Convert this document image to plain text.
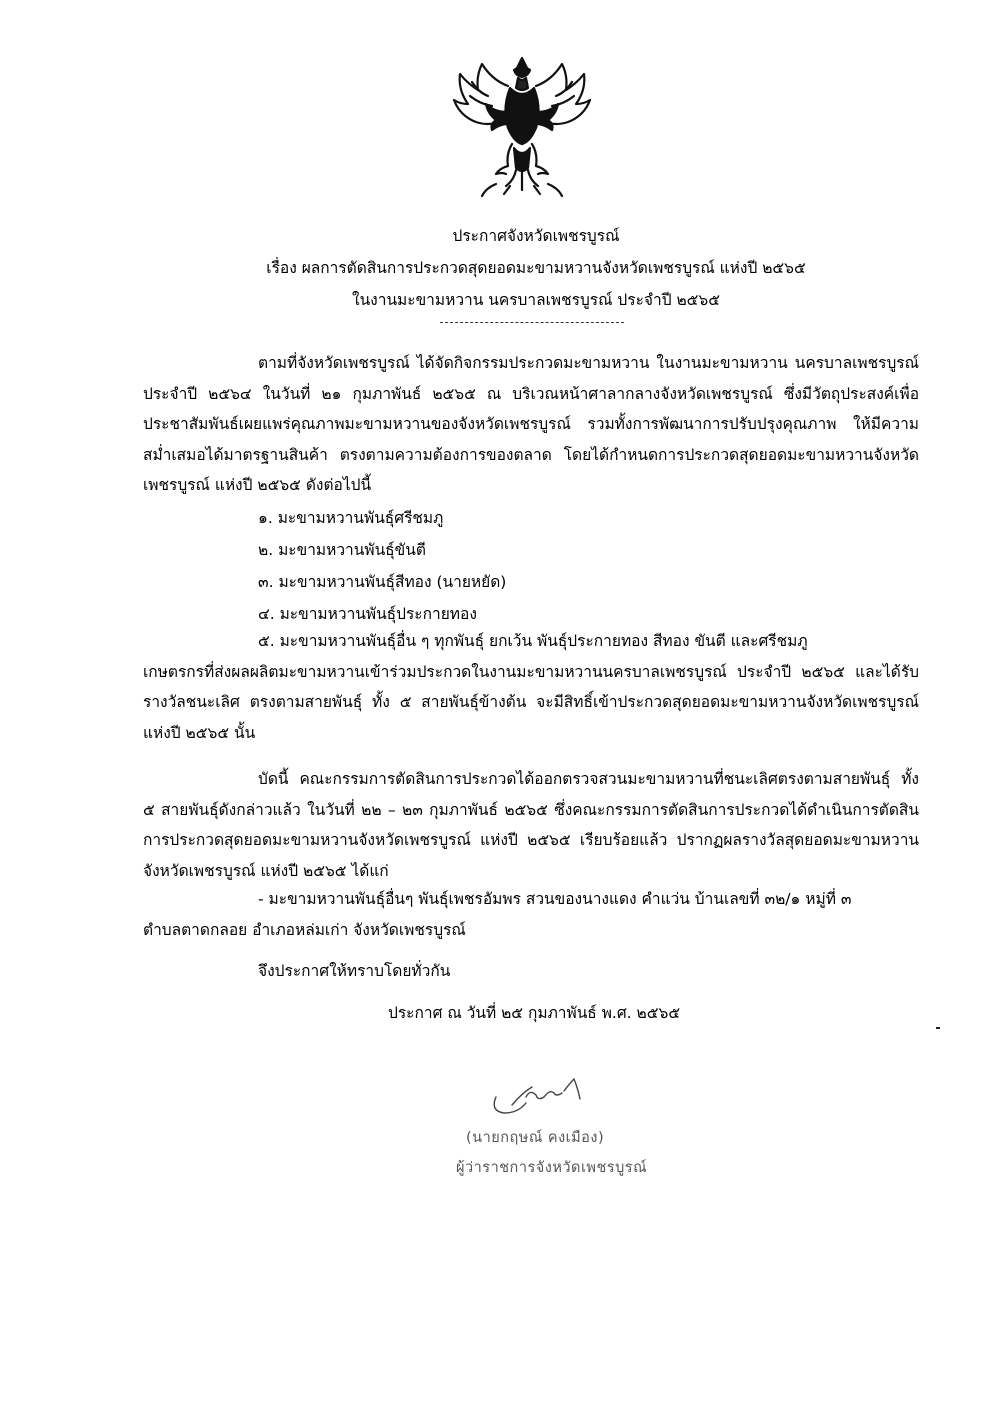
ประกาศจังหวัดเพชรบูรณ์
เรื่อง ผลการตัดสินการประกวดสุดยอดมะขามหวานจังหวัดเพชรบูรณ์ แห่งปี ๒๕๖๕
ในงานมะขามหวาน นครบาลเพชรบูรณ์ ประจำปี ๒๕๖๕

ตามที่จังหวัดเพชรบูรณ์ ได้จัดกิจกรรมประกวดมะขามหวาน ในงานมะขามหวาน นครบาลเพชรบูรณ์ ประจำปี ๒๕๖๔ ในวันที่ ๒๑ กุมภาพันธ์ ๒๕๖๕ ณ บริเวณหน้าศาลากลางจังหวัดเพชรบูรณ์ ซึ่งมีวัตถุประสงค์เพื่อ ประชาสัมพันธ์เผยแพร่คุณภาพมะขามหวานของจังหวัดเพชรบูรณ์ รวมทั้งการพัฒนาการปรับปรุงคุณภาพ ให้มีความสม่ำเสมอได้มาตรฐานสินค้า ตรงตามความต้องการของตลาด โดยได้กำหนดการประกวดสุดยอดมะขามหวานจังหวัดเพชรบูรณ์ แห่งปี ๒๕๖๕ ดังต่อไปนี้

๑. มะขามหวานพันธุ์ศรีชมภู

๒. มะขามหวานพันธุ์ขันตี

๓. มะขามหวานพันธุ์สีทอง (นายหยัด)

๔. มะขามหวานพันธุ์ประกายทอง

๕. มะขามหวานพันธุ์อื่น ๆ ทุกพันธุ์ ยกเว้น พันธุ์ประกายทอง สีทอง ขันตี และศรีชมภู

เกษตรกรที่ส่งผลผลิตมะขามหวานเข้าร่วมประกวดในงานมะขามหวานนครบาลเพชรบูรณ์ ประจำปี ๒๕๖๕ และได้รับรางวัลชนะเลิศ ตรงตามสายพันธุ์ ทั้ง ๕ สายพันธุ์ข้างต้น จะมีสิทธิ์เข้าประกวดสุดยอดมะขามหวานจังหวัดเพชรบูรณ์ แห่งปี ๒๕๖๕ นั้น

บัดนี้ คณะกรรมการตัดสินการประกวดได้ออกตรวจสวนมะขามหวานที่ชนะเลิศตรงตามสายพันธุ์ ทั้ง ๕ สายพันธุ์ดังกล่าวแล้ว ในวันที่ ๒๒ – ๒๓ กุมภาพันธ์ ๒๕๖๕ ซึ่งคณะกรรมการตัดสินการประกวดได้ดำเนินการตัดสินการประกวดสุดยอดมะขามหวานจังหวัดเพชรบูรณ์ แห่งปี ๒๕๖๕ เรียบร้อยแล้ว ปรากฏผลรางวัลสุดยอดมะขามหวานจังหวัดเพชรบูรณ์ แห่งปี ๒๕๖๕ ได้แก่

- มะขามหวานพันธุ์อื่นๆ พันธุ์เพชรอัมพร สวนของนางแดง คำแว่น บ้านเลขที่ ๓๒/๑ หมู่ที่ ๓

ตำบลตาดกลอย อำเภอหล่มเก่า จังหวัดเพชรบูรณ์

จึงประกาศให้ทราบโดยทั่วกัน
ประกาศ ณ วันที่ ๒๕ กุมภาพันธ์ พ.ศ. ๒๕๖๕
(นายกฤษณ์ คงเมือง)
ผู้ว่าราชการจังหวัดเพชรบูรณ์
